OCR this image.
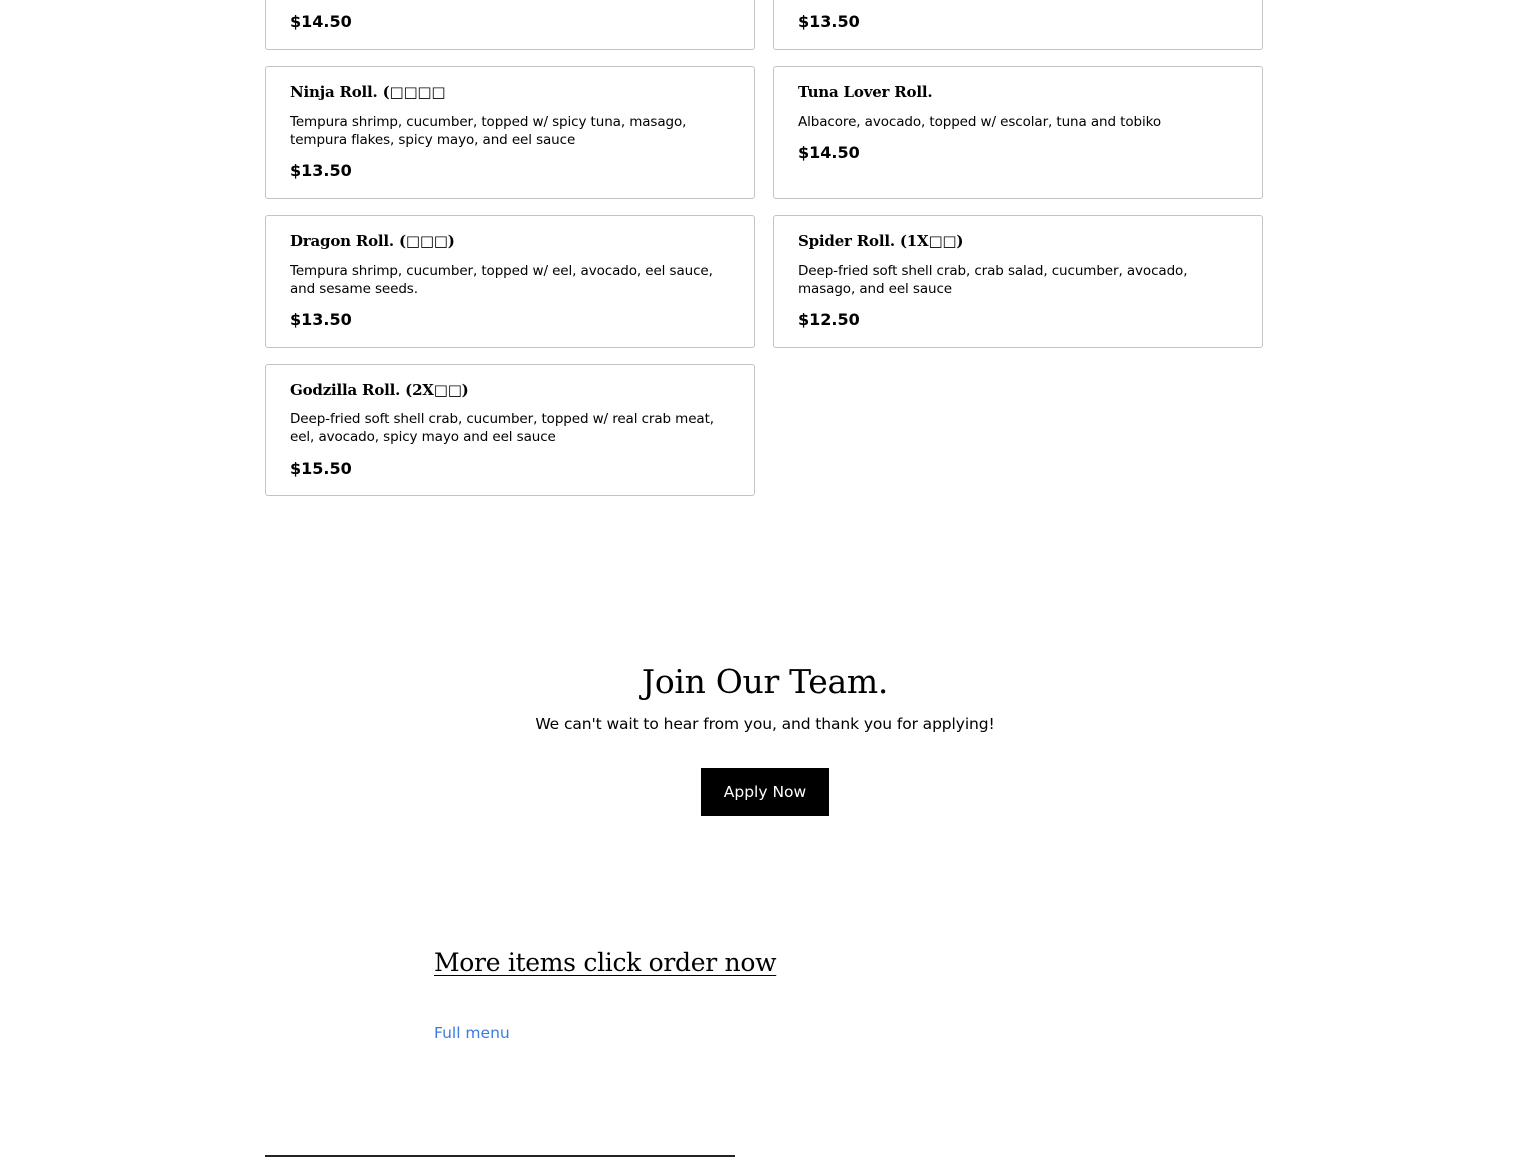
$14.50	$13.50
Ninja Roll. (□□□□
Tempura shrimp, cucumber, topped w/ spicy tuna, masago, tempura flakes, spicy mayo, and eel sauce
$13.50
Tuna Lover Roll.
Albacore, avocado, topped w/ escolar, tuna and tobiko
$14.50
Dragon Roll. (□□□)
Tempura shrimp, cucumber, topped w/ eel, avocado, eel sauce, and sesame seeds.
$13.50
Spider Roll. (1X□□)
Deep-fried soft shell crab, crab salad, cucumber, avocado, masago, and eel sauce
$12.50
Godzilla Roll. (2X□□)
Deep-fried soft shell crab, cucumber, topped w/ real crab meat, eel, avocado, spicy mayo and eel sauce
$15.50
Join Our Team.

We can't wait to hear from you, and thank you for applying!

Apply Now
More items click order now
Full menu
